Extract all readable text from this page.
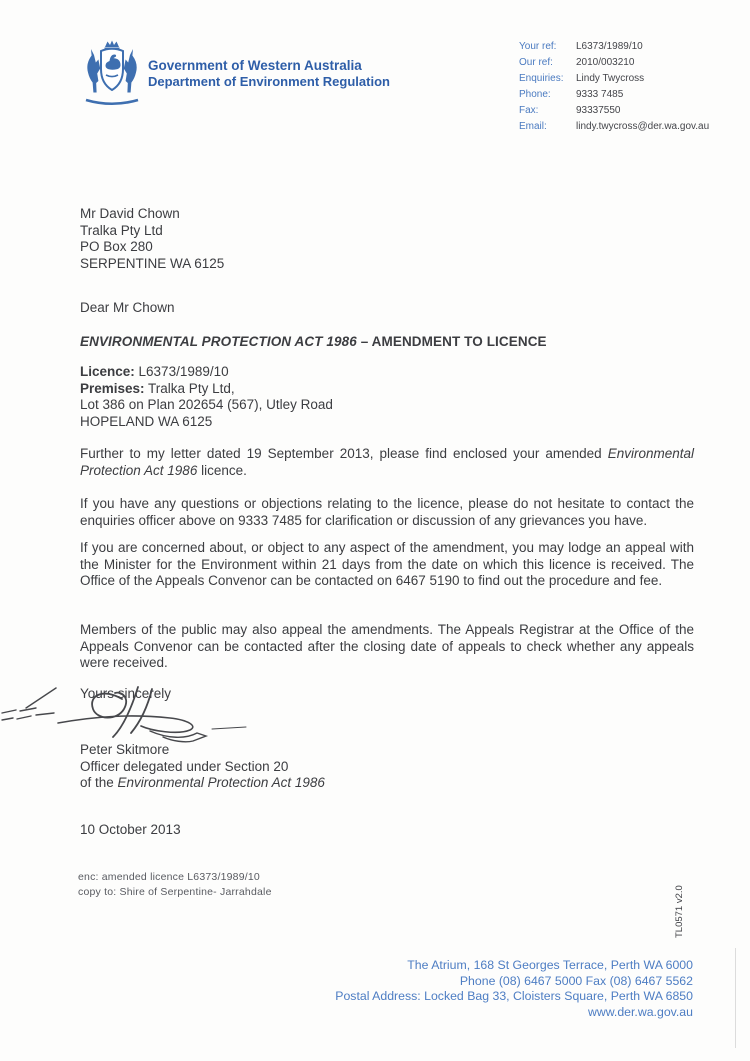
Government of Western Australia
Department of Environment Regulation
Your ref:	L6373/1989/10
Our ref:	2010/003210
Enquiries:	Lindy Twycross
Phone:	9333 7485
Fax:	93337550
Email:	lindy.twycross@der.wa.gov.au
Mr David Chown
Tralka Pty Ltd
PO Box 280
SERPENTINE WA 6125
Dear Mr Chown
ENVIRONMENTAL PROTECTION ACT 1986 – AMENDMENT TO LICENCE
Licence: L6373/1989/10
Premises: Tralka Pty Ltd,
Lot 386 on Plan 202654 (567), Utley Road
HOPELAND WA 6125
Further to my letter dated 19 September 2013, please find enclosed your amended Environmental Protection Act 1986 licence.
If you have any questions or objections relating to the licence, please do not hesitate to contact the enquiries officer above on 9333 7485 for clarification or discussion of any grievances you have.
If you are concerned about, or object to any aspect of the amendment, you may lodge an appeal with the Minister for the Environment within 21 days from the date on which this licence is received. The Office of the Appeals Convenor can be contacted on 6467 5190 to find out the procedure and fee.
Members of the public may also appeal the amendments. The Appeals Registrar at the Office of the Appeals Convenor can be contacted after the closing date of appeals to check whether any appeals were received.
Yours sincerely
Peter Skitmore
Officer delegated under Section 20
of the Environmental Protection Act 1986
10 October 2013
enc: amended licence L6373/1989/10
copy to: Shire of Serpentine- Jarrahdale	TL0571 v2.0
The Atrium, 168 St Georges Terrace, Perth WA 6000
Phone (08) 6467 5000 Fax (08) 6467 5562
Postal Address: Locked Bag 33, Cloisters Square, Perth WA 6850
www.der.wa.gov.au
